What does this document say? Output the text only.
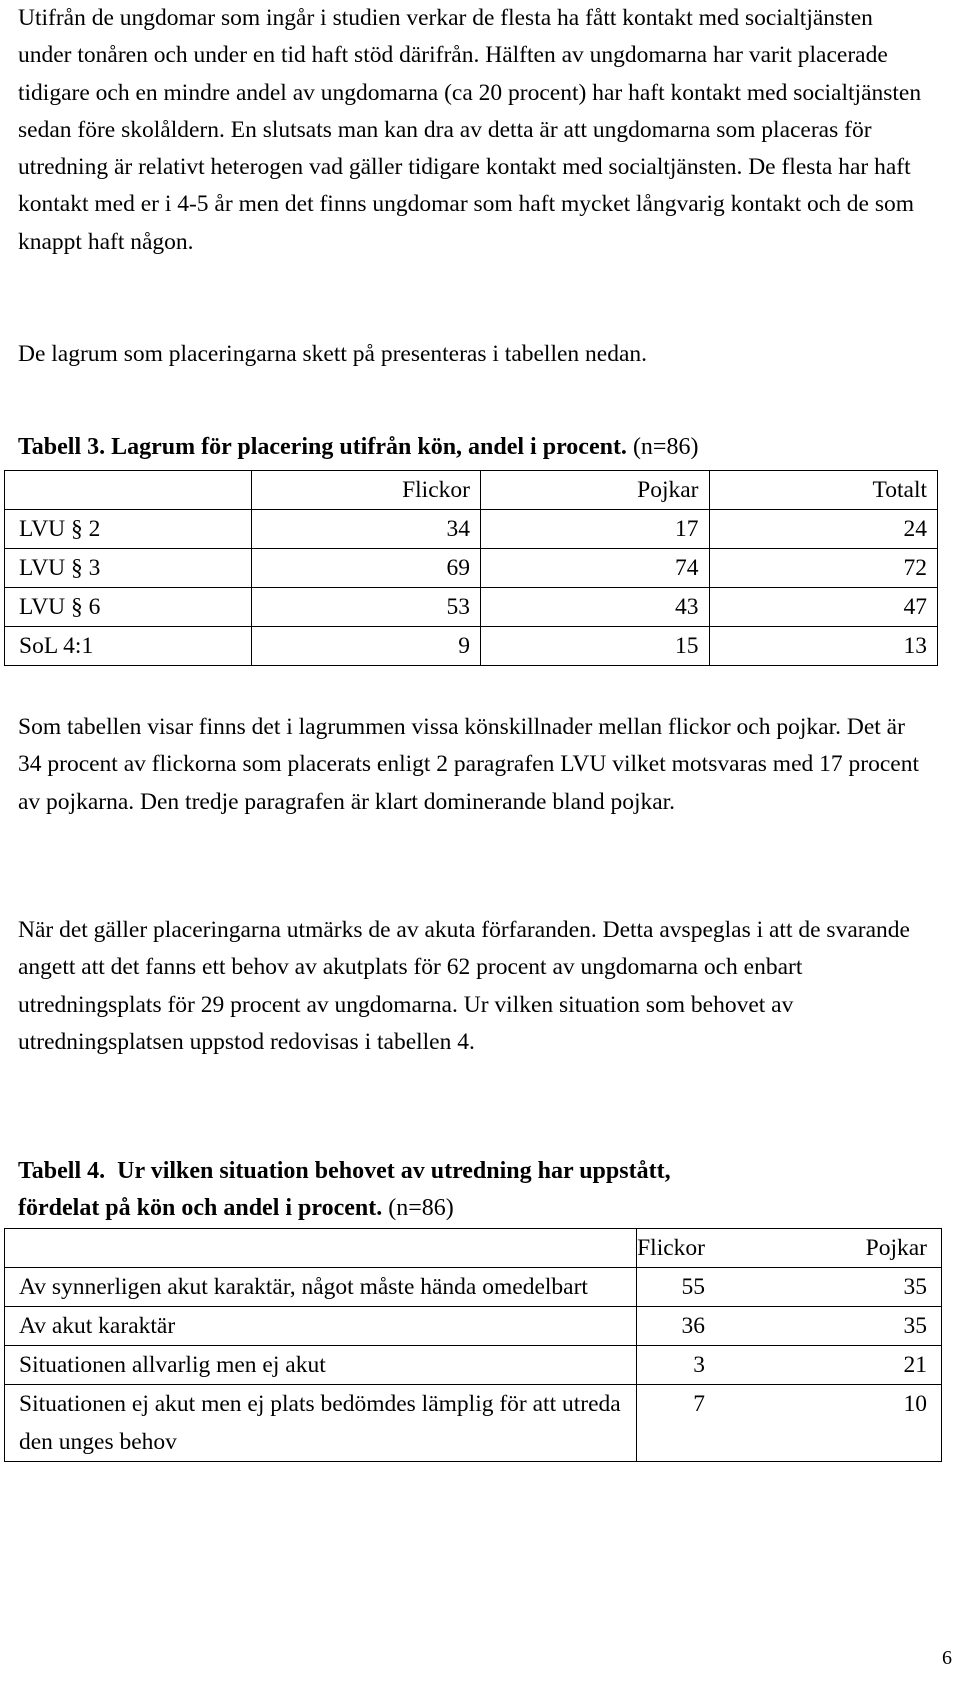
Utifrån de ungdomar som ingår i studien verkar de flesta ha fått kontakt med socialtjänsten under tonåren och under en tid haft stöd därifrån. Hälften av ungdomarna har varit placerade tidigare och en mindre andel av ungdomarna (ca 20 procent) har haft kontakt med socialtjänsten sedan före skolåldern. En slutsats man kan dra av detta är att ungdomarna som placeras för utredning är relativt heterogen vad gäller tidigare kontakt med socialtjänsten. De flesta har haft kontakt med er i 4-5 år men det finns ungdomar som haft mycket långvarig kontakt och de som knappt haft någon.

De lagrum som placeringarna skett på presenteras i tabellen nedan.

Tabell 3. Lagrum för placering utifrån kön, andel i procent. (n=86)

	Flickor	Pojkar	Totalt
LVU § 2	34	17	24
LVU § 3	69	74	72
LVU § 6	53	43	47
SoL 4:1	9	15	13

Som tabellen visar finns det i lagrummen vissa könskillnader mellan flickor och pojkar. Det är 34 procent av flickorna som placerats enligt 2 paragrafen LVU vilket motsvaras med 17 procent av pojkarna. Den tredje paragrafen är klart dominerande bland pojkar.

När det gäller placeringarna utmärks de av akuta förfaranden. Detta avspeglas i att de svarande angett att det fanns ett behov av akutplats för 62 procent av ungdomarna och enbart utredningsplats för 29 procent av ungdomarna. Ur vilken situation som behovet av utredningsplatsen uppstod redovisas i tabellen 4.

Tabell 4.  Ur vilken situation behovet av utredning har uppstått,
fördelat på kön och andel i procent. (n=86)

	Flickor	Pojkar
Av synnerligen akut karaktär, något måste hända omedelbart	55	35
Av akut karaktär	36	35
Situationen allvarlig men ej akut	3	21
Situationen ej akut men ej plats bedömdes lämplig för att utreda den unges behov	7	10
6
